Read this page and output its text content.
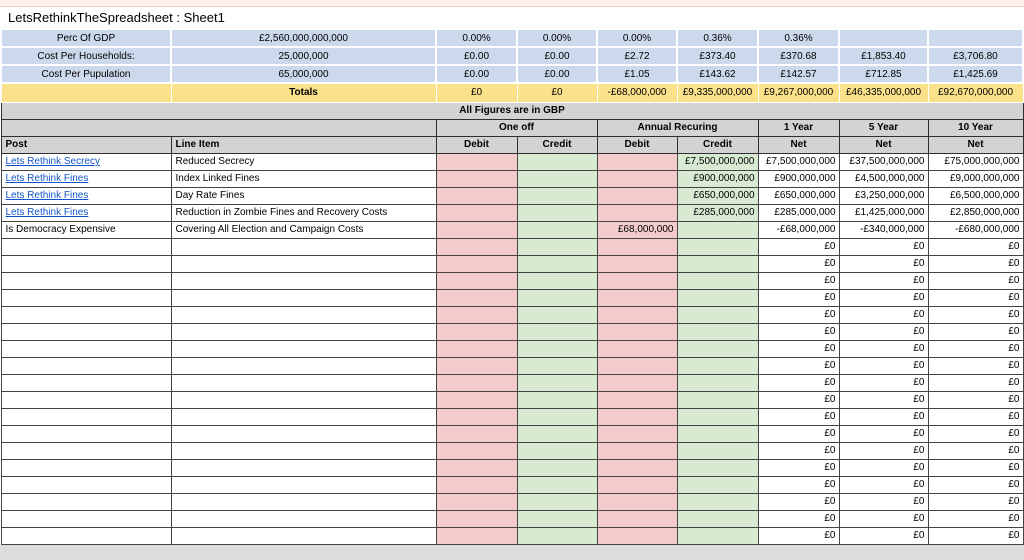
LetsRethinkTheSpreadsheet : Sheet1
Perc Of GDP	£2,560,000,000,000	0.00%	0.00%	0.00%	0.36%	0.36%		
Cost Per Households:	25,000,000	£0.00	£0.00	£2.72	£373.40	£370.68	£1,853.40	£3,706.80
Cost Per Pupulation	65,000,000	£0.00	£0.00	£1.05	£143.62	£142.57	£712.85	£1,425.69
	Totals	£0	£0	-£68,000,000	£9,335,000,000	£9,267,000,000	£46,335,000,000	£92,670,000,000
All Figures are in GBP								
		One off		Annual Recuring		1 Year	5 Year	10 Year
Post	Line Item	Debit	Credit	Debit	Credit	Net	Net	Net
Lets Rethink Secrecy	Reduced Secrecy				£7,500,000,000	£7,500,000,000	£37,500,000,000	£75,000,000,000
Lets Rethink Fines	Index Linked Fines				£900,000,000	£900,000,000	£4,500,000,000	£9,000,000,000
Lets Rethink Fines	Day Rate Fines				£650,000,000	£650,000,000	£3,250,000,000	£6,500,000,000
Lets Rethink Fines	Reduction in Zombie Fines and Recovery Costs				£285,000,000	£285,000,000	£1,425,000,000	£2,850,000,000
Is Democracy Expensive	Covering All Election and Campaign Costs			£68,000,000		-£68,000,000	-£340,000,000	-£680,000,000
						£0	£0	£0
						£0	£0	£0
						£0	£0	£0
						£0	£0	£0
						£0	£0	£0
						£0	£0	£0
						£0	£0	£0
						£0	£0	£0
						£0	£0	£0
						£0	£0	£0
						£0	£0	£0
						£0	£0	£0
						£0	£0	£0
						£0	£0	£0
						£0	£0	£0
						£0	£0	£0
						£0	£0	£0
						£0	£0	£0
